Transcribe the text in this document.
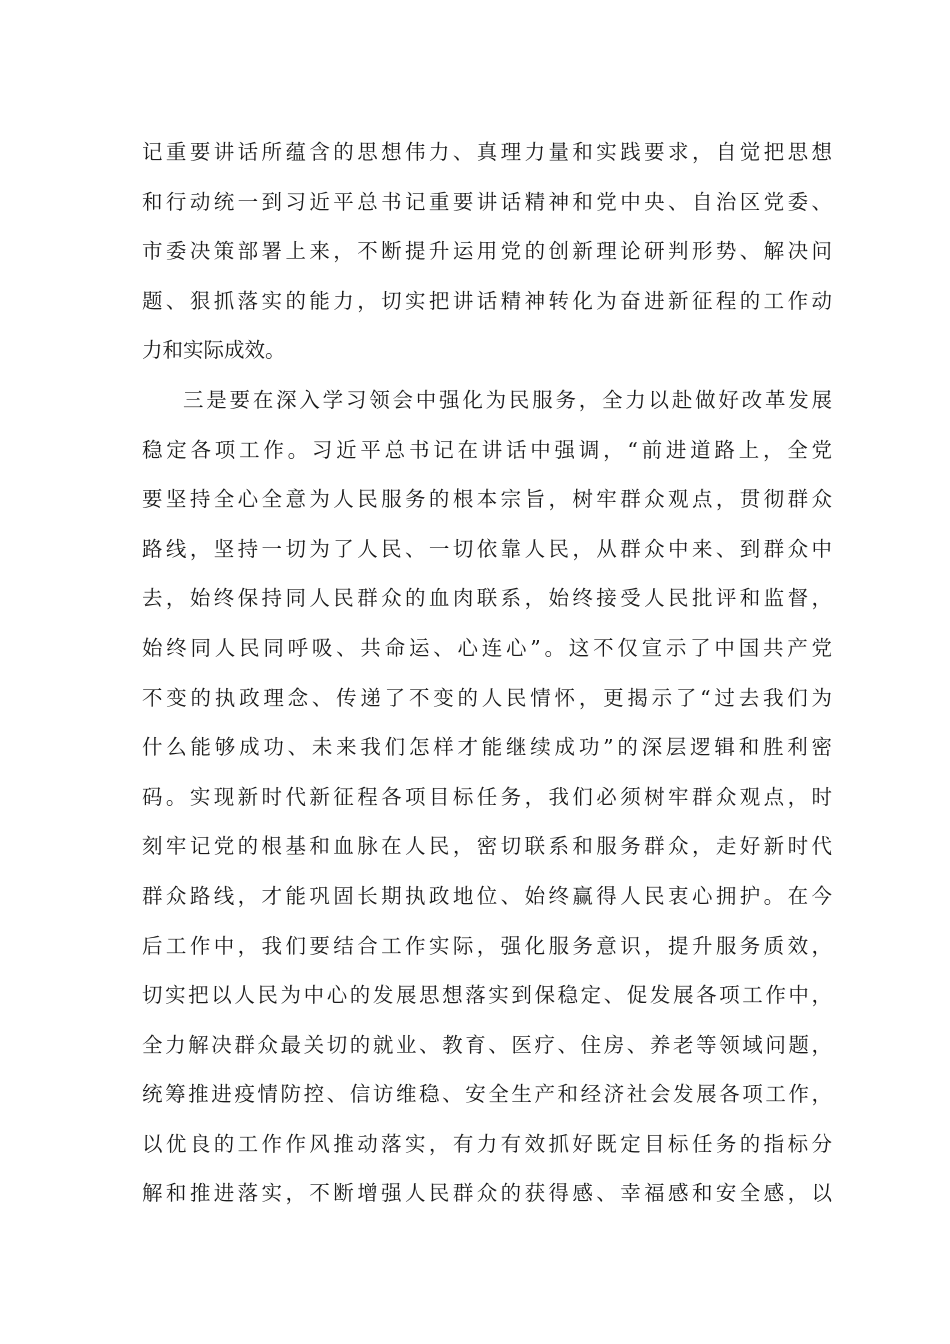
记重要讲话所蕴含的思想伟力、真理力量和实践要求，自觉把思想
和行动统一到习近平总书记重要讲话精神和党中央、自治区党委、
市委决策部署上来，不断提升运用党的创新理论研判形势、解决问
题、狠抓落实的能力，切实把讲话精神转化为奋进新征程的工作动
力和实际成效。
三是要在深入学习领会中强化为民服务，全力以赴做好改革发展
稳定各项工作。习近平总书记在讲话中强调，“前进道路上，全党
要坚持全心全意为人民服务的根本宗旨，树牢群众观点，贯彻群众
路线，坚持一切为了人民、一切依靠人民，从群众中来、到群众中
去，始终保持同人民群众的血肉联系，始终接受人民批评和监督，
始终同人民同呼吸、共命运、心连心”。这不仅宣示了中国共产党
不变的执政理念、传递了不变的人民情怀，更揭示了“过去我们为
什么能够成功、未来我们怎样才能继续成功”的深层逻辑和胜利密
码。实现新时代新征程各项目标任务，我们必须树牢群众观点，时
刻牢记党的根基和血脉在人民，密切联系和服务群众，走好新时代
群众路线，才能巩固长期执政地位、始终赢得人民衷心拥护。在今
后工作中，我们要结合工作实际，强化服务意识，提升服务质效，
切实把以人民为中心的发展思想落实到保稳定、促发展各项工作中，
全力解决群众最关切的就业、教育、医疗、住房、养老等领域问题，
统筹推进疫情防控、信访维稳、安全生产和经济社会发展各项工作，
以优良的工作作风推动落实，有力有效抓好既定目标任务的指标分
解和推进落实，不断增强人民群众的获得感、幸福感和安全感，以
